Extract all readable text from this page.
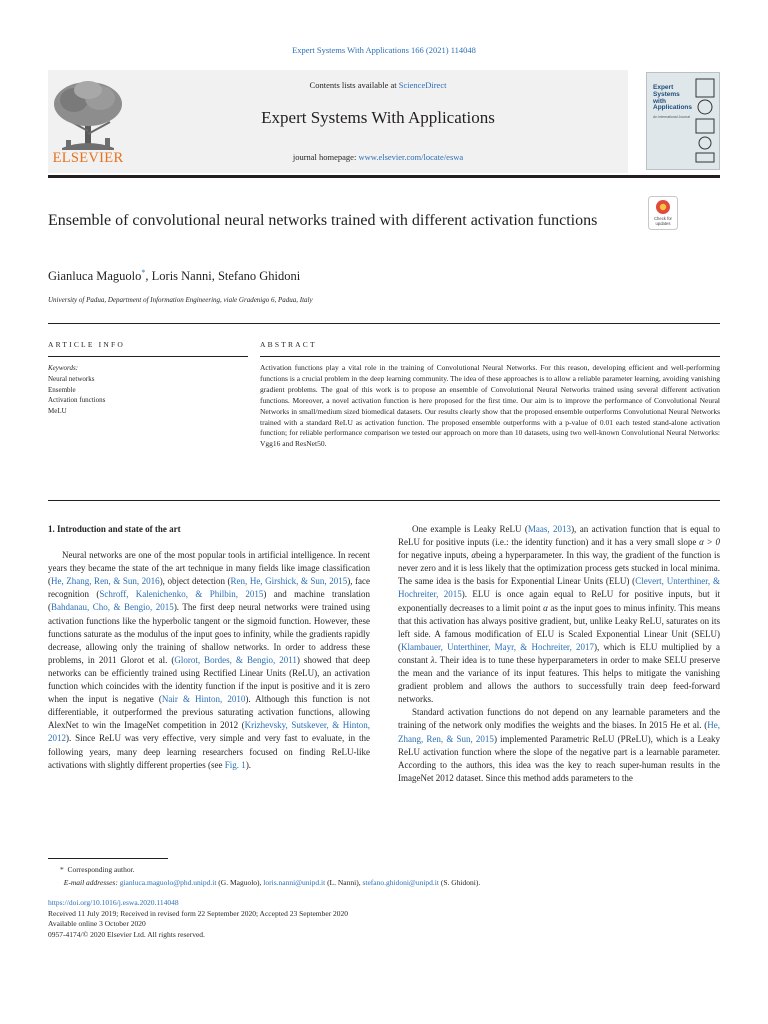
Expert Systems With Applications 166 (2021) 114048
ELSEVIER
Contents lists available at ScienceDirect
Expert Systems With Applications
journal homepage: www.elsevier.com/locate/eswa
Expert Systems with Applications
An International Journal
Ensemble of convolutional neural networks trained with different activation functions	Check for
updates
Gianluca Maguolo*, Loris Nanni, Stefano Ghidoni
University of Padua, Department of Information Engineering, viale Gradenigo 6, Padua, Italy
ARTICLE INFO	ABSTRACT
Keywords:
Neural networks
Ensemble
Activation functions
MeLU
Activation functions play a vital role in the training of Convolutional Neural Networks. For this reason, developing efficient and well-performing functions is a crucial problem in the deep learning community. The idea of these approaches is to allow a reliable parameter learning, avoiding vanishing gradient problems. The goal of this work is to propose an ensemble of Convolutional Neural Networks trained using several different activation functions. Moreover, a novel activation function is here proposed for the first time. Our aim is to improve the performance of Convolutional Neural Networks in small/medium sized biomedical datasets. Our results clearly show that the proposed ensemble outperforms Convolutional Neural Networks trained with a standard ReLU as activation function. The proposed ensemble outperforms with a p-value of 0.01 each tested stand-alone activation function; for reliable performance comparison we tested our approach on more than 10 datasets, using two well-known Convolutional Neural Networks: Vgg16 and ResNet50.
1. Introduction and state of the art

Neural networks are one of the most popular tools in artificial intelligence. In recent years they became the state of the art technique in many fields like image classification (He, Zhang, Ren, & Sun, 2016), object detection (Ren, He, Girshick, & Sun, 2015), face recognition (Schroff, Kalenichenko, & Philbin, 2015) and machine translation (Bahdanau, Cho, & Bengio, 2015). The first deep neural networks were trained using activation functions like the hyperbolic tangent or the sigmoid function. However, these functions saturate as the modulus of the input goes to infinity, while the gradients rapidly decrease, allowing only the training of shallow networks. In order to address these problems, in 2011 Glorot et al. (Glorot, Bordes, & Bengio, 2011) showed that deep networks can be efficiently trained using Rectified Linear Units (ReLU), an activation function which coincides with the identity function if the input is positive and it is zero when the input is negative (Nair & Hinton, 2010). Although this function is not differentiable, it outperformed the previous saturating activation functions, allowing AlexNet to win the ImageNet competition in 2012 (Krizhevsky, Sutskever, & Hinton, 2012). Since ReLU was very effective, very simple and very fast to evaluate, in the following years, many deep learning researchers focused on finding ReLU-like activations with slightly different properties (see Fig. 1).

One example is Leaky ReLU (Maas, 2013), an activation function that is equal to ReLU for positive inputs (i.e.: the identity function) and it has a very small slope α > 0 for negative inputs, αbeing a hyperparameter. In this way, the gradient of the function is never zero and it is less likely that the optimization process gets stucked in local minima. The same idea is the basis for Exponential Linear Units (ELU) (Clevert, Unterthiner, & Hochreiter, 2015). ELU is once again equal to ReLU for positive inputs, but it exponentially decreases to a limit point α as the input goes to minus infinity. This means that this activation has always positive gradient, but, unlike Leaky ReLU, saturates on its left side. A famous modification of ELU is Scaled Exponential Linear Unit (SELU) (Klambauer, Unterthiner, Mayr, & Hochreiter, 2017), which is ELU multiplied by a constant λ. Their idea is to tune these hyperparameters in order to make SELU preserve the mean and the variance of its input features. This helps to mitigate the vanishing gradient problem and allows the authors to successfully train deep feed-forward networks.

Standard activation functions do not depend on any learnable parameters and the training of the network only modifies the weights and the biases. In 2015 He et al. (He, Zhang, Ren, & Sun, 2015) implemented Parametric ReLU (PReLU), which is a Leaky ReLU activation function where the slope of the negative part is a learnable parameter. According to the authors, this idea was the key to reach super-human results in the ImageNet 2012 dataset. Since this method adds parameters to the

* Corresponding author.
E-mail addresses: gianluca.maguolo@phd.unipd.it (G. Maguolo), loris.nanni@unipd.it (L. Nanni), stefano.ghidoni@unipd.it (S. Ghidoni).
https://doi.org/10.1016/j.eswa.2020.114048
Received 11 July 2019; Received in revised form 22 September 2020; Accepted 23 September 2020
Available online 3 October 2020
0957-4174/© 2020 Elsevier Ltd. All rights reserved.
